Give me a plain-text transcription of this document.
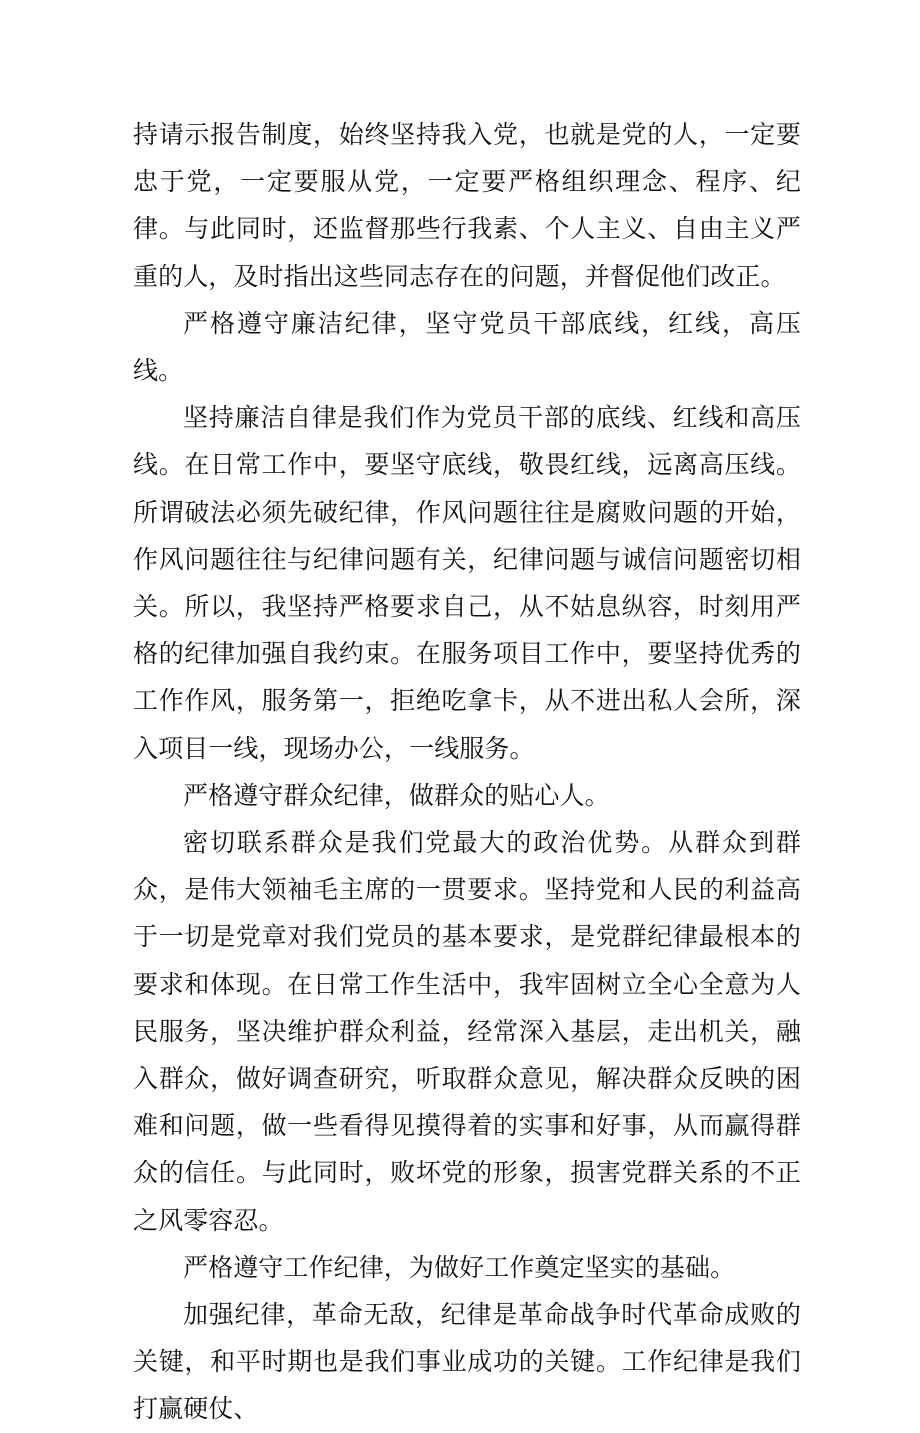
持请示报告制度，始终坚持我入党，也就是党的人，一定要忠于党，一定要服从党，一定要严格组织理念、程序、纪律。与此同时，还监督那些行我素、个人主义、自由主义严重的人，及时指出这些同志存在的问题，并督促他们改正。

严格遵守廉洁纪律，坚守党员干部底线，红线，高压线。

坚持廉洁自律是我们作为党员干部的底线、红线和高压线。在日常工作中，要坚守底线，敬畏红线，远离高压线。所谓破法必须先破纪律，作风问题往往是腐败问题的开始，作风问题往往与纪律问题有关，纪律问题与诚信问题密切相关。所以，我坚持严格要求自己，从不姑息纵容，时刻用严格的纪律加强自我约束。在服务项目工作中，要坚持优秀的工作作风，服务第一，拒绝吃拿卡，从不进出私人会所，深入项目一线，现场办公，一线服务。

严格遵守群众纪律，做群众的贴心人。

密切联系群众是我们党最大的政治优势。从群众到群众，是伟大领袖毛主席的一贯要求。坚持党和人民的利益高于一切是党章对我们党员的基本要求，是党群纪律最根本的要求和体现。在日常工作生活中，我牢固树立全心全意为人民服务，坚决维护群众利益，经常深入基层，走出机关，融入群众，做好调查研究，听取群众意见，解决群众反映的困难和问题，做一些看得见摸得着的实事和好事，从而赢得群众的信任。与此同时，败坏党的形象，损害党群关系的不正之风零容忍。

严格遵守工作纪律，为做好工作奠定坚实的基础。

加强纪律，革命无敌，纪律是革命战争时代革命成败的关键，和平时期也是我们事业成功的关键。工作纪律是我们打赢硬仗、
